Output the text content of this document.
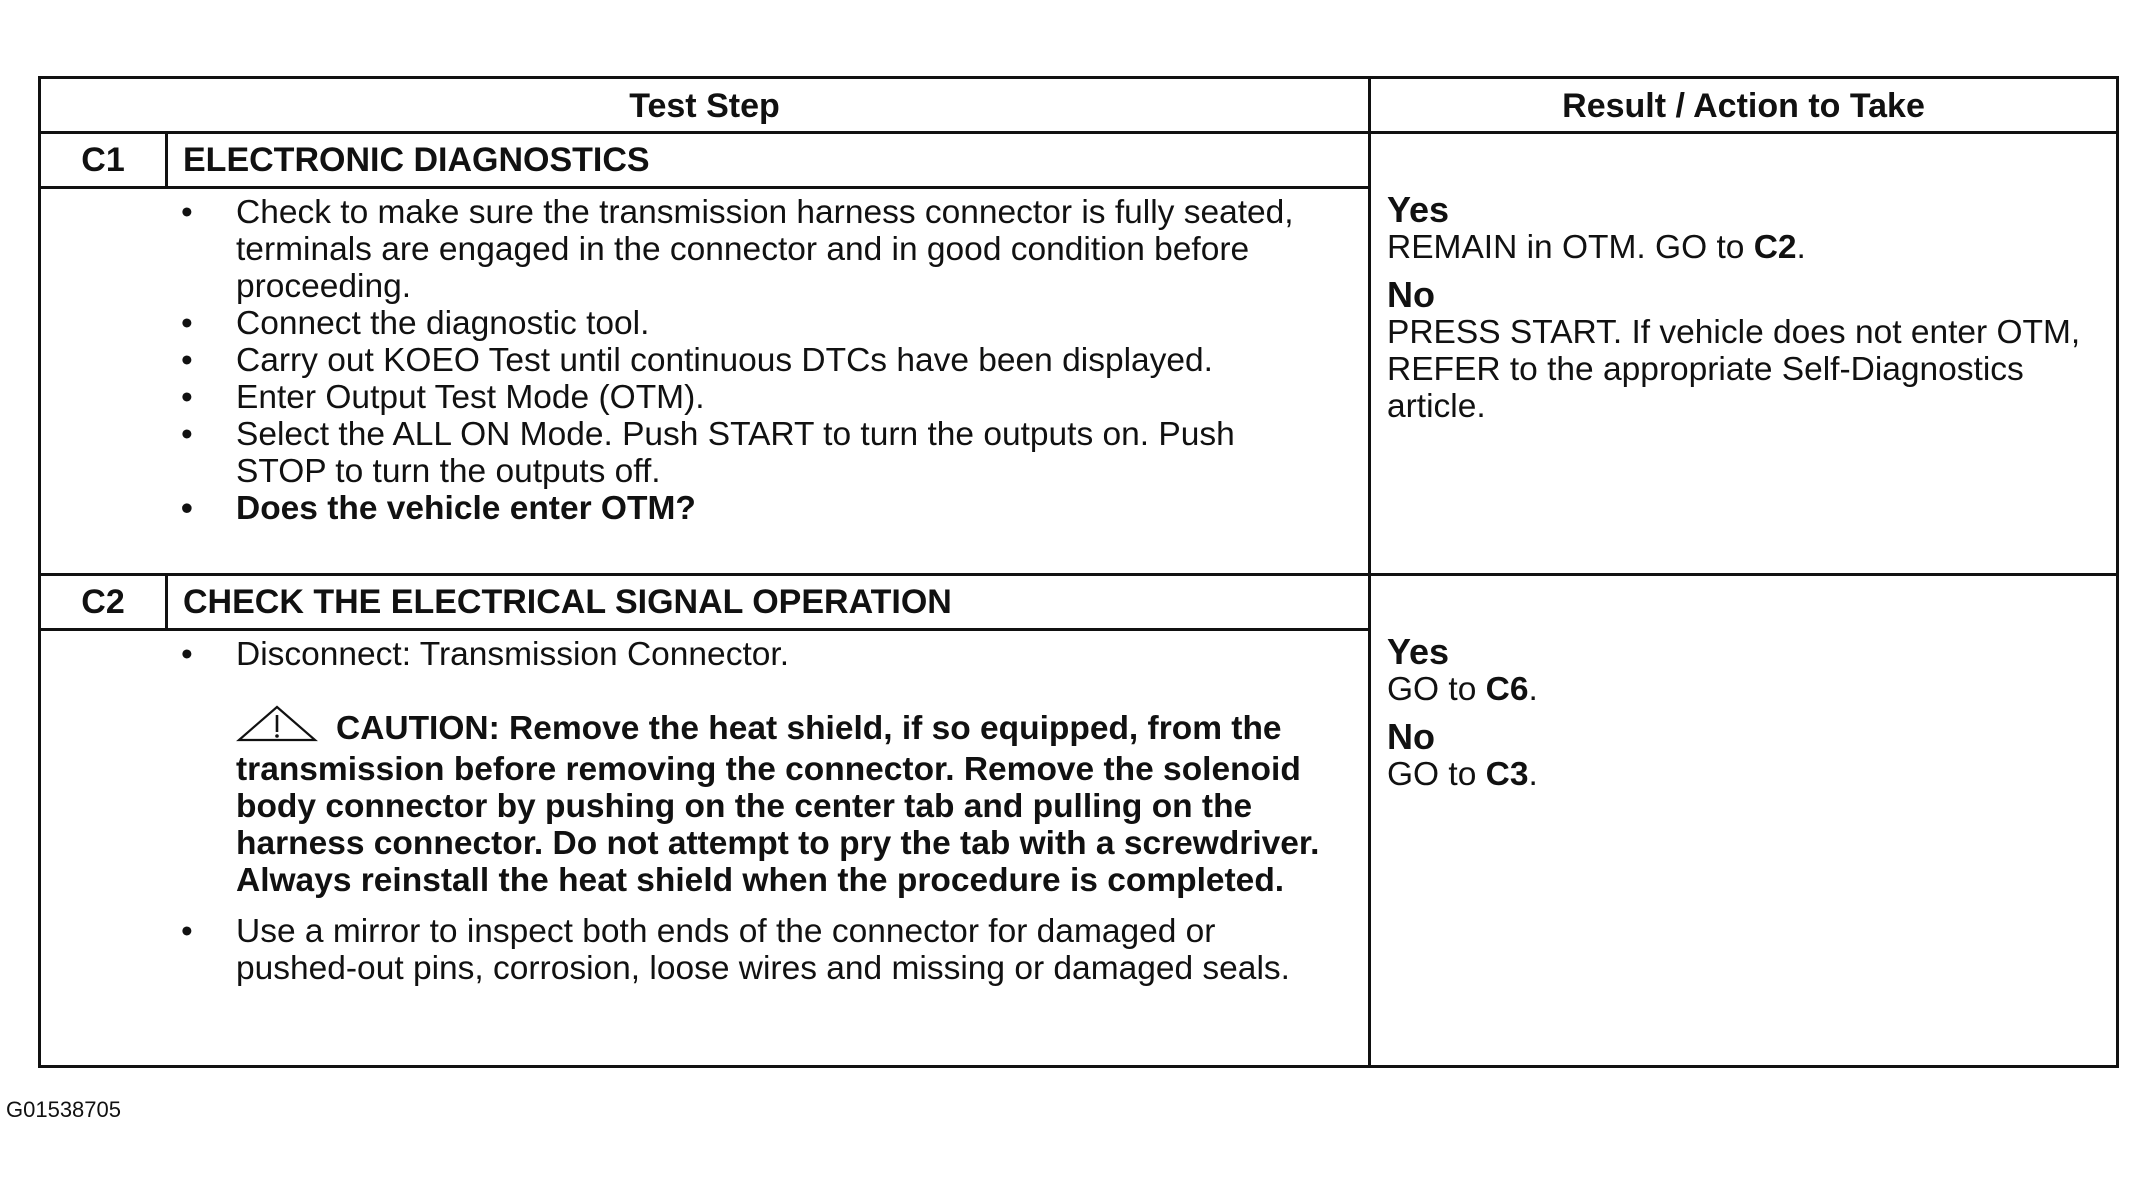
Test Step	Result / Action to Take
C1	ELECTRONIC DIAGNOSTICS
• Check to make sure the transmission harness connector is fully seated, terminals are engaged in the connector and in good condition before proceeding.
• Connect the diagnostic tool.
• Carry out KOEO Test until continuous DTCs have been displayed.
• Enter Output Test Mode (OTM).
• Select the ALL ON Mode. Push START to turn the outputs on. Push STOP to turn the outputs off.
• Does the vehicle enter OTM?
Yes
REMAIN in OTM. GO to C2.
No
PRESS START. If vehicle does not enter OTM, REFER to the appropriate Self-Diagnostics article.
C2	CHECK THE ELECTRICAL SIGNAL OPERATION
• Disconnect: Transmission Connector.
CAUTION: Remove the heat shield, if so equipped, from the transmission before removing the connector. Remove the solenoid body connector by pushing on the center tab and pulling on the harness connector. Do not attempt to pry the tab with a screwdriver. Always reinstall the heat shield when the procedure is completed.
• Use a mirror to inspect both ends of the connector for damaged or pushed-out pins, corrosion, loose wires and missing or damaged seals.
Yes
GO to C6.
No
GO to C3.
G01538705
